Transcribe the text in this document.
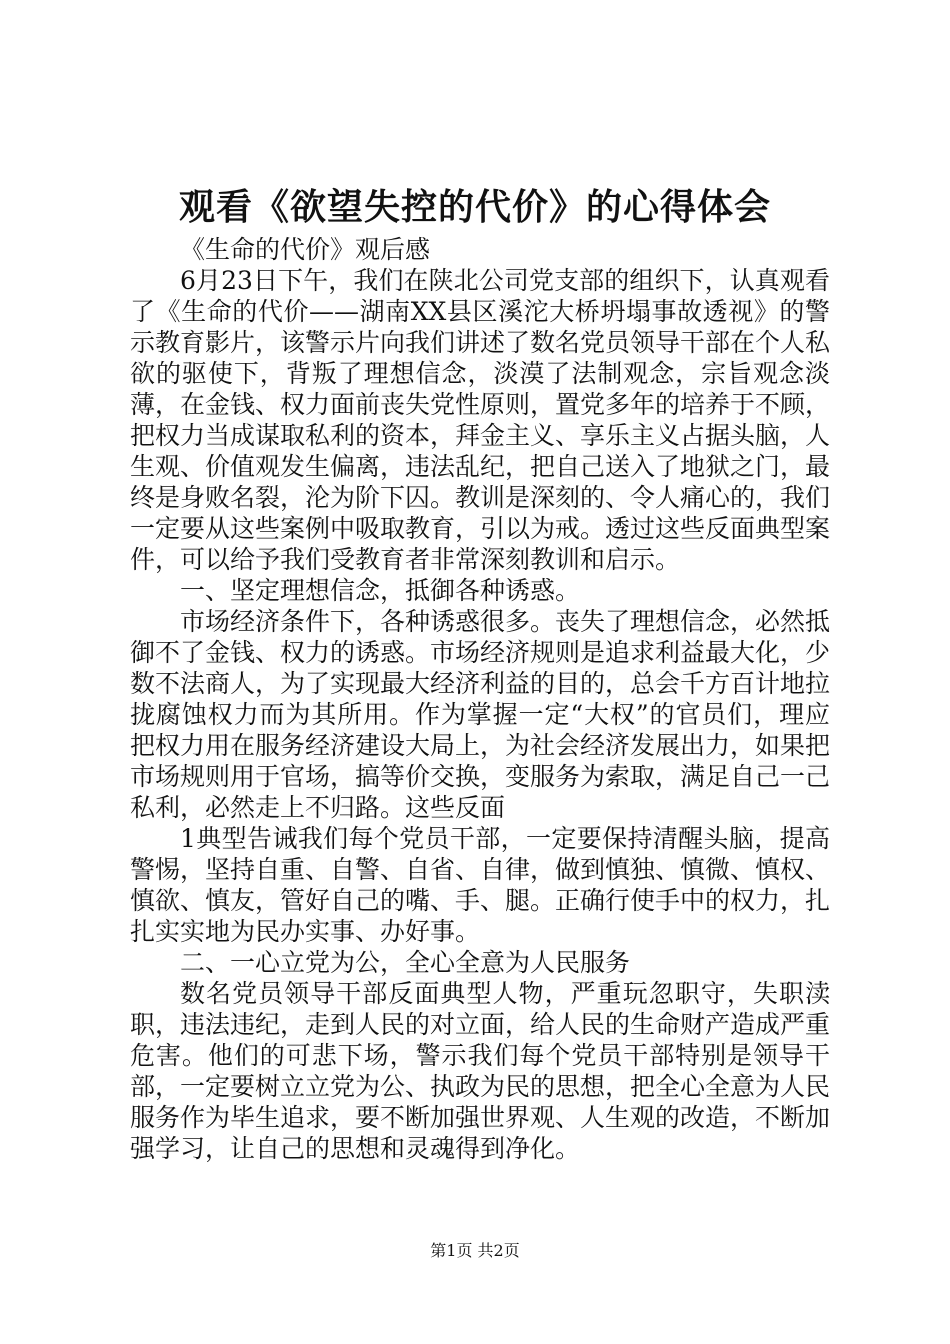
观看《欲望失控的代价》的心得体会

《生命的代价》观后感

6月23日下午，我们在陕北公司党支部的组织下，认真观看了《生命的代价——湖南XX县区溪沱大桥坍塌事故透视》的警示教育影片，该警示片向我们讲述了数名党员领导干部在个人私欲的驱使下，背叛了理想信念，淡漠了法制观念，宗旨观念淡薄，在金钱、权力面前丧失党性原则，置党多年的培养于不顾，把权力当成谋取私利的资本，拜金主义、享乐主义占据头脑，人生观、价值观发生偏离，违法乱纪，把自己送入了地狱之门，最终是身败名裂，沦为阶下囚。教训是深刻的、令人痛心的，我们一定要从这些案例中吸取教育，引以为戒。透过这些反面典型案件，可以给予我们受教育者非常深刻教训和启示。

一、坚定理想信念，抵御各种诱惑。

市场经济条件下，各种诱惑很多。丧失了理想信念，必然抵御不了金钱、权力的诱惑。市场经济规则是追求利益最大化，少数不法商人，为了实现最大经济利益的目的，总会千方百计地拉拢腐蚀权力而为其所用。作为掌握一定“大权”的官员们，理应把权力用在服务经济建设大局上，为社会经济发展出力，如果把市场规则用于官场，搞等价交换，变服务为索取，满足自己一己私利，必然走上不归路。这些反面

1典型告诫我们每个党员干部，一定要保持清醒头脑，提高警惕，坚持自重、自警、自省、自律，做到慎独、慎微、慎权、慎欲、慎友，管好自己的嘴、手、腿。正确行使手中的权力，扎扎实实地为民办实事、办好事。

二、一心立党为公，全心全意为人民服务

数名党员领导干部反面典型人物，严重玩忽职守，失职渎职，违法违纪，走到人民的对立面，给人民的生命财产造成严重危害。他们的可悲下场，警示我们每个党员干部特别是领导干部，一定要树立立党为公、执政为民的思想，把全心全意为人民服务作为毕生追求，要不断加强世界观、人生观的改造，不断加强学习，让自己的思想和灵魂得到净化。

第1页 共2页
